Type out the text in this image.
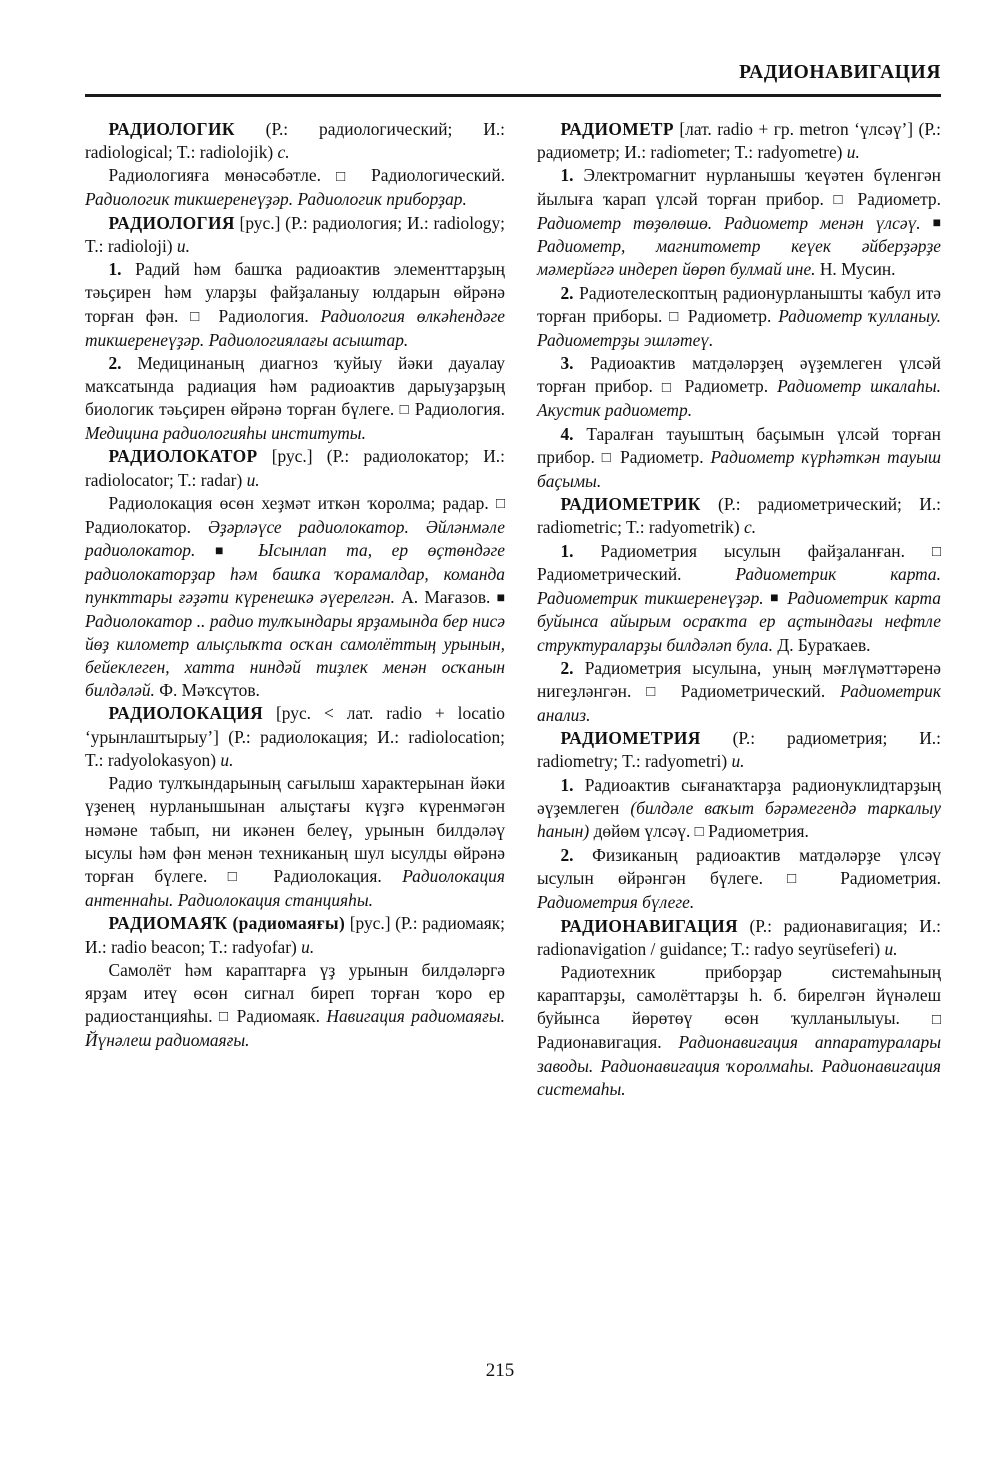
РАДИОНАВИГАЦИЯ

РАДИОЛОГИК (Р.: радиологический; И.: radiological; T.: radiolojik) с.

Радиологияға мөнәсәбәтле. □ Радиологический. Радиологик тикшеренеүҙәр. Радиологик приборҙар.

РАДИОЛОГИЯ [рус.] (Р.: радиология; И.: radiology; T.: radioloji) и.

1. Радий һәм башҡа радиоактив элементтарҙың тәьҫирен һәм уларҙы файҙаланыу юлдарын өйрәнә торған фән. □ Радиология. Радиология өлкәһендәге тикшеренеүҙәр. Радиологиялағы асыштар.

2. Медицинаның диагноз ҡуйыу йәки дауалау маҡсатында радиация һәм радиоактив дарыуҙарҙың биологик тәьҫирен өйрәнә торған бүлеге. □ Радиология. Медицина радиологияһы институты.

РАДИОЛОКАТОР [рус.] (Р.: радиолокатор; И.: radiolocator; T.: radar) и.

Радиолокация өсөн хеҙмәт иткән ҡоролма; радар. □ Радиолокатор. Әҙәрләүсе радиолокатор. Әйләнмәле радиолокатор. ■	Ысынлап та, ер өҫтөндәге радиолокаторҙар һәм башҡа ҡорамалдар, команда пункттары ғәҙәти күренешкә әүерелгән. А. Мағазов. ■ Радиолокатор .. радио тулҡындары ярҙамында бер нисә йөҙ километр алыҫлыҡта осҡан самолёттың урынын, бейеклеген, хатта ниндәй тиҙлек менән осҡанын билдәләй. Ф. Мәҡсүтов.

РАДИОЛОКАЦИЯ [рус. < лат. radio + locatio ‘урынлаштырыу’] (Р.: радиолокация; И.: radiolocation; T.: radyolokasyon) и.

Радио тулҡындарының сағылыш характерынан йәки үҙенең нурланышынан алыҫтағы күҙгә күренмәгән нәмәне табып, ни икәнен белеү, урынын билдәләү ысулы һәм фән менән техниканың шул ысулды өйрәнә торған бүлеге. □	Радиолокация. Радиолокация антеннаһы. Радиолокация станцияһы.

РАДИОМАЯҠ (радиомаяғы) [рус.] (Р.: радиомаяк; И.: radio beacon; T.: radyofar) и.

Самолёт һәм караптарға үҙ урынын билдәләргә ярҙам итеү өсөн сигнал биреп торған ҡоро ер радиостанцияһы. □ Радиомаяк. Навигация радиомаяғы. Йүнәлеш радиомаяғы.

РАДИОМЕТР [лат. radio + гр. metron ‘үлсәү’] (Р.: радиометр; И.: radiometer; T.: radyometre) и.

1. Электромагнит нурланышы ҡеүәтен бүленгән йылыға ҡарап үлсәй торған прибор. □ Радиометр. Радиометр төҙөлөшө. Радиометр менән үлсәү. ■ Радиометр, магнитометр кеүек әйберҙәрҙе мәмерйәгә индереп йөрөп булмай ине. Н. Мусин.

2. Радиотелескоптың радионурланышты ҡабул итә торған приборы. □ Радиометр. Радиометр ҡулланыу. Радиометрҙы эшләтеү.

3. Радиоактив матдәләрҙең әүҙемлеген үлсәй торған прибор. □ Радиометр. Радиометр шкалаһы. Акустик радиометр.

4. Таралған тауыштың баҫымын үлсәй торған прибор. □ Радиометр. Радиометр күрһәткән тауыш баҫымы.

РАДИОМЕТРИК (Р.: радиометрический; И.: radiometric; T.: radyometrik) с.

1. Радиометрия ысулын файҙаланған. □ Радиометрический.	Радиометрик карта. Радиометрик тикшеренеүҙәр. ■ Радиометрик карта буйынса айырым осраҡта ер аҫтындағы нефтле структураларҙы билдәләп була. Д. Бураҡаев.

2. Радиометрия ысулына, уның мәғлүмәттәренә нигеҙләнгән. □ Радиометрический. Радиометрик анализ.

РАДИОМЕТРИЯ (Р.: радиометрия; И.: radiometry; T.: radyometri) и.

1. Радиоактив сығанаҡтарҙа радионуклидтарҙың әүҙемлеген (билдәле ваҡыт бәрәмегендә таркалыу һанын) дөйөм үлсәү. □ Радиометрия.

2. Физиканың радиоактив матдәләрҙе үлсәү ысулын өйрәнгән бүлеге. □	Радиометрия. Радиометрия бүлеге.

РАДИОНАВИГАЦИЯ (Р.: радионавигация; И.: radionavigation / guidance; T.: radyo seyrüseferi) и.

Радиотехник приборҙар системаһының караптарҙы, самолёттарҙы һ. б. бирелгән йүнәлеш буйынса йөрөтөү өсөн ҡулланылыуы. □ Радионавигация. Радионавигация аппаратуралары заводы. Радионавигация ҡоролмаһы. Радионавигация системаһы.

215
